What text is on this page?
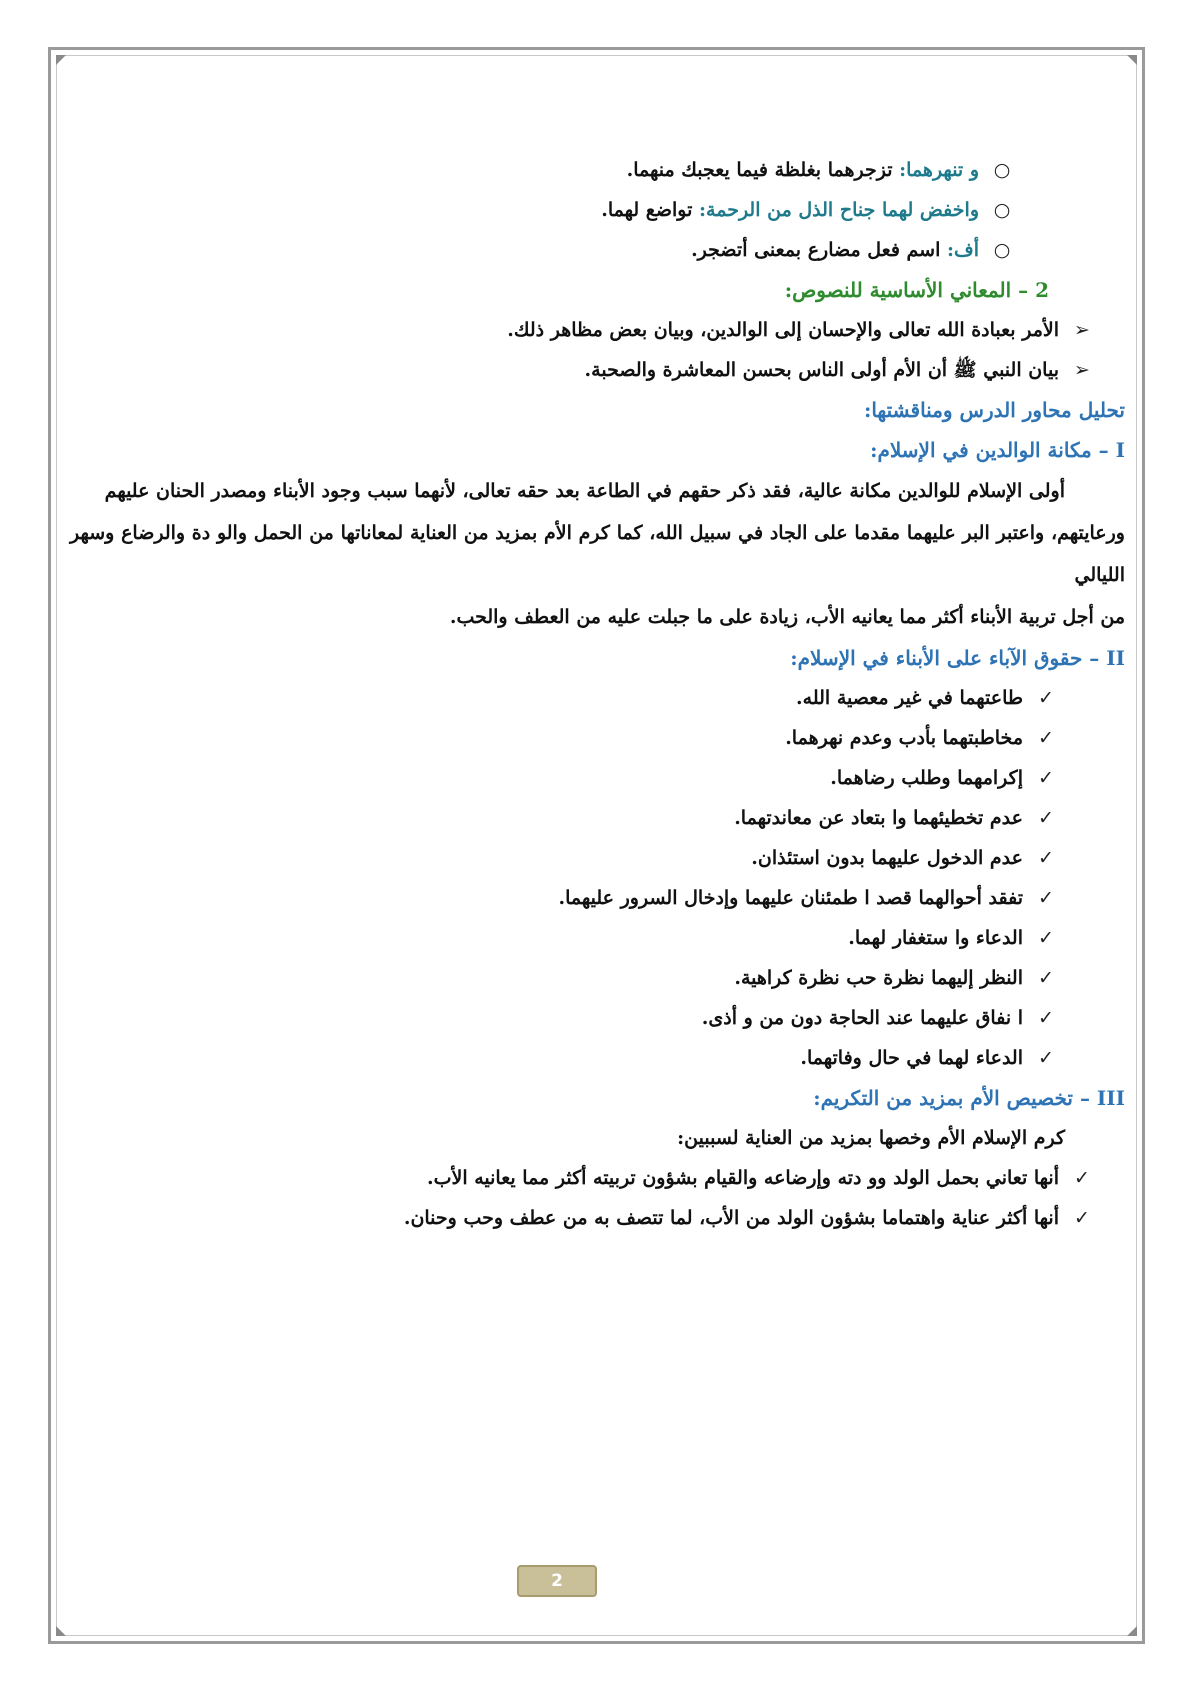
○
و تنهرهما:

تزجرهما بغلظة فيما يعجبك منهما.
○
واخفض لهما جناح الذل من الرحمة:

تواضع لهما.
○
أف:

اسم فعل مضارع بمعنى أتضجر.
2 – المعاني الأساسية للنصوص:
➢
الأمر بعبادة الله تعالى والإحسان إلى الوالدين، وبيان بعض مظاهر ذلك.
➢
بيان النبي ﷺ أن الأم أولى الناس بحسن المعاشرة والصحبة.
تحليل محاور الدرس ومناقشتها:
I

– مكانة الوالدين في الإسلام:
أولى الإسلام للوالدين مكانة عالية، فقد ذكر حقهم في الطاعة بعد حقه تعالى، لأنهما سبب وجود الأبناء ومصدر الحنان عليهم
ورعايتهم، واعتبر البر عليهما مقدما على الجاد في سبيل الله، كما كرم الأم بمزيد من العناية لمعاناتها من الحمل والو دة والرضاع وسهر الليالي
من أجل تربية الأبناء أكثر مما يعانيه الأب، زيادة على ما جبلت عليه من العطف والحب.
II

– حقوق الآباء على الأبناء في الإسلام:
✓
طاعتهما في غير معصية الله.
✓
مخاطبتهما بأدب وعدم نهرهما.
✓
إكرامهما وطلب رضاهما.
✓
عدم تخطيئهما وا بتعاد عن معاندتهما.
✓
عدم الدخول عليهما بدون استئذان.
✓
تفقد أحوالهما قصد ا طمئنان عليهما وإدخال السرور عليهما.
✓
الدعاء وا ستغفار لهما.
✓
النظر إليهما نظرة حب نظرة كراهية.
✓
ا نفاق عليهما عند الحاجة دون من و أذى.
✓
الدعاء لهما في حال وفاتهما.
III

– تخصيص الأم بمزيد من التكريم:
كرم الإسلام الأم وخصها بمزيد من العناية لسببين:
✓
أنها تعاني بحمل الولد وو دته وإرضاعه والقيام بشؤون تربيته أكثر مما يعانيه الأب.
✓
أنها أكثر عناية واهتماما بشؤون الولد من الأب، لما تتصف به من عطف وحب وحنان.
2
